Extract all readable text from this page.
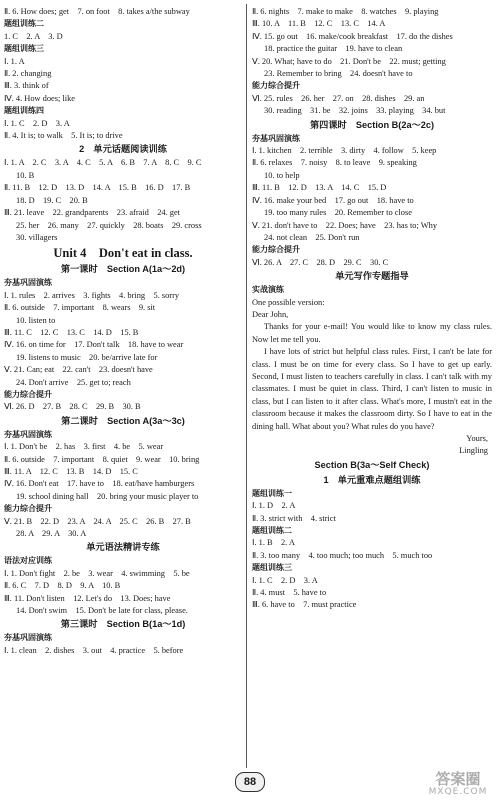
Ⅱ. 6. How does; get　7. on foot　8. takes a/the subway
题组训练二
1. C　2. A　3. D
题组训练三
Ⅰ. 1. A
Ⅱ. 2. changing
Ⅲ. 3. think of
Ⅳ. 4. How does; like
题组训练四
Ⅰ. 1. C　2. D　3. A
Ⅱ. 4. It is; to walk　5. It is; to drive
2　单元话题阅读训练
Ⅰ. 1. A　2. C　3. A　4. C　5. A　6. B　7. A　8. C　9. C
10. B
Ⅱ. 11. B　12. D　13. D　14. A　15. B　16. D　17. B
18. D　19. C　20. B
Ⅲ. 21. leave　22. grandparents　23. afraid　24. get
25. her　26. many　27. quickly　28. boats　29. cross
30. villagers
Unit 4　Don't eat in class.
第一课时　Section A(1a～2d)
夯基巩固演练
Ⅰ. 1. rules　2. arrives　3. fights　4. bring　5. sorry
Ⅱ. 6. outside　7. important　8. wears　9. sit
10. listen to
Ⅲ. 11. C　12. C　13. C　14. D　15. B
Ⅳ. 16. on time for　17. Don't talk　18. have to wear
19. listens to music　20. be/arrive late for
Ⅴ. 21. Can; eat　22. can't　23. doesn't have
24. Don't arrive　25. get to; reach
能力综合提升
Ⅵ. 26. D　27. B　28. C　29. B　30. B
第二课时　Section A(3a～3c)
夯基巩固演练
Ⅰ. 1. Don't be　2. has　3. first　4. be　5. wear
Ⅱ. 6. outside　7. important　8. quiet　9. wear　10. bring
Ⅲ. 11. A　12. C　13. B　14. D　15. C
Ⅳ. 16. Don't eat　17. have to　18. eat/have hamburgers
19. school dining hall　20. bring your music player to
能力综合提升
Ⅴ. 21. B　22. D　23. A　24. A　25. C　26. B　27. B
28. A　29. A　30. A
单元语法精讲专练
语法对应训练
Ⅰ. 1. Don't fight　2. be　3. wear　4. swimming　5. be
Ⅱ. 6. C　7. D　8. D　9. A　10. B
Ⅲ. 11. Don't listen　12. Let's do　13. Does; have
14. Don't swim　15. Don't be late for class, please.
第三课时　Section B(1a～1d)
夯基巩固演练
Ⅰ. 1. clean　2. dishes　3. out　4. practice　5. before
Ⅱ. 6. nights　7. make to make　8. watches　9. playing
Ⅲ. 10. A　11. B　12. C　13. C　14. A
Ⅳ. 15. go out　16. make/cook breakfast　17. do the dishes
18. practice the guitar　19. have to clean
Ⅴ. 20. What; have to do　21. Don't be　22. must; getting
23. Remember to bring　24. doesn't have to
能力综合提升
Ⅵ. 25. rules　26. her　27. on　28. dishes　29. an
30. reading　31. be　32. joins　33. playing　34. but
第四课时　Section B(2a～2c)
夯基巩固演练
Ⅰ. 1. kitchen　2. terrible　3. dirty　4. follow　5. keep
Ⅱ. 6. relaxes　7. noisy　8. to leave　9. speaking
10. to help
Ⅲ. 11. B　12. D　13. A　14. C　15. D
Ⅳ. 16. make your bed　17. go out　18. have to
19. too many rules　20. Remember to close
Ⅴ. 21. don't have to　22. Does; have　23. has to; Why
24. not clean　25. Don't run
能力综合提升
Ⅵ. 26. A　27. C　28. D　29. C　30. C
单元写作专题指导
实战演练
One possible version:
Dear John,
Thanks for your e-mail! You would like to know my class rules. Now let me tell you.
I have lots of strict but helpful class rules. First, I can't be late for class. I must be on time for every class. So I have to get up early. Second, I must listen to teachers carefully in class. I can't talk with my classmates. I must be quiet in class. Third, I can't listen to music in class, but I can listen to it after class. What's more, I mustn't eat in the classroom because it makes the classroom dirty. So I have to eat in the dining hall. What about you? What rules do you have?
Yours,
Lingling
Section B(3a～Self Check)
1　单元重难点题组训练
题组训练一
Ⅰ. 1. D　2. A
Ⅱ. 3. strict with　4. strict
题组训练二
Ⅰ. 1. B　2. A
Ⅱ. 3. too many　4. too much; too much　5. much too
题组训练三
Ⅰ. 1. C　2. D　3. A
Ⅱ. 4. must　5. have to
Ⅲ. 6. have to　7. must practice
88	答案圈
MXQE.COM
